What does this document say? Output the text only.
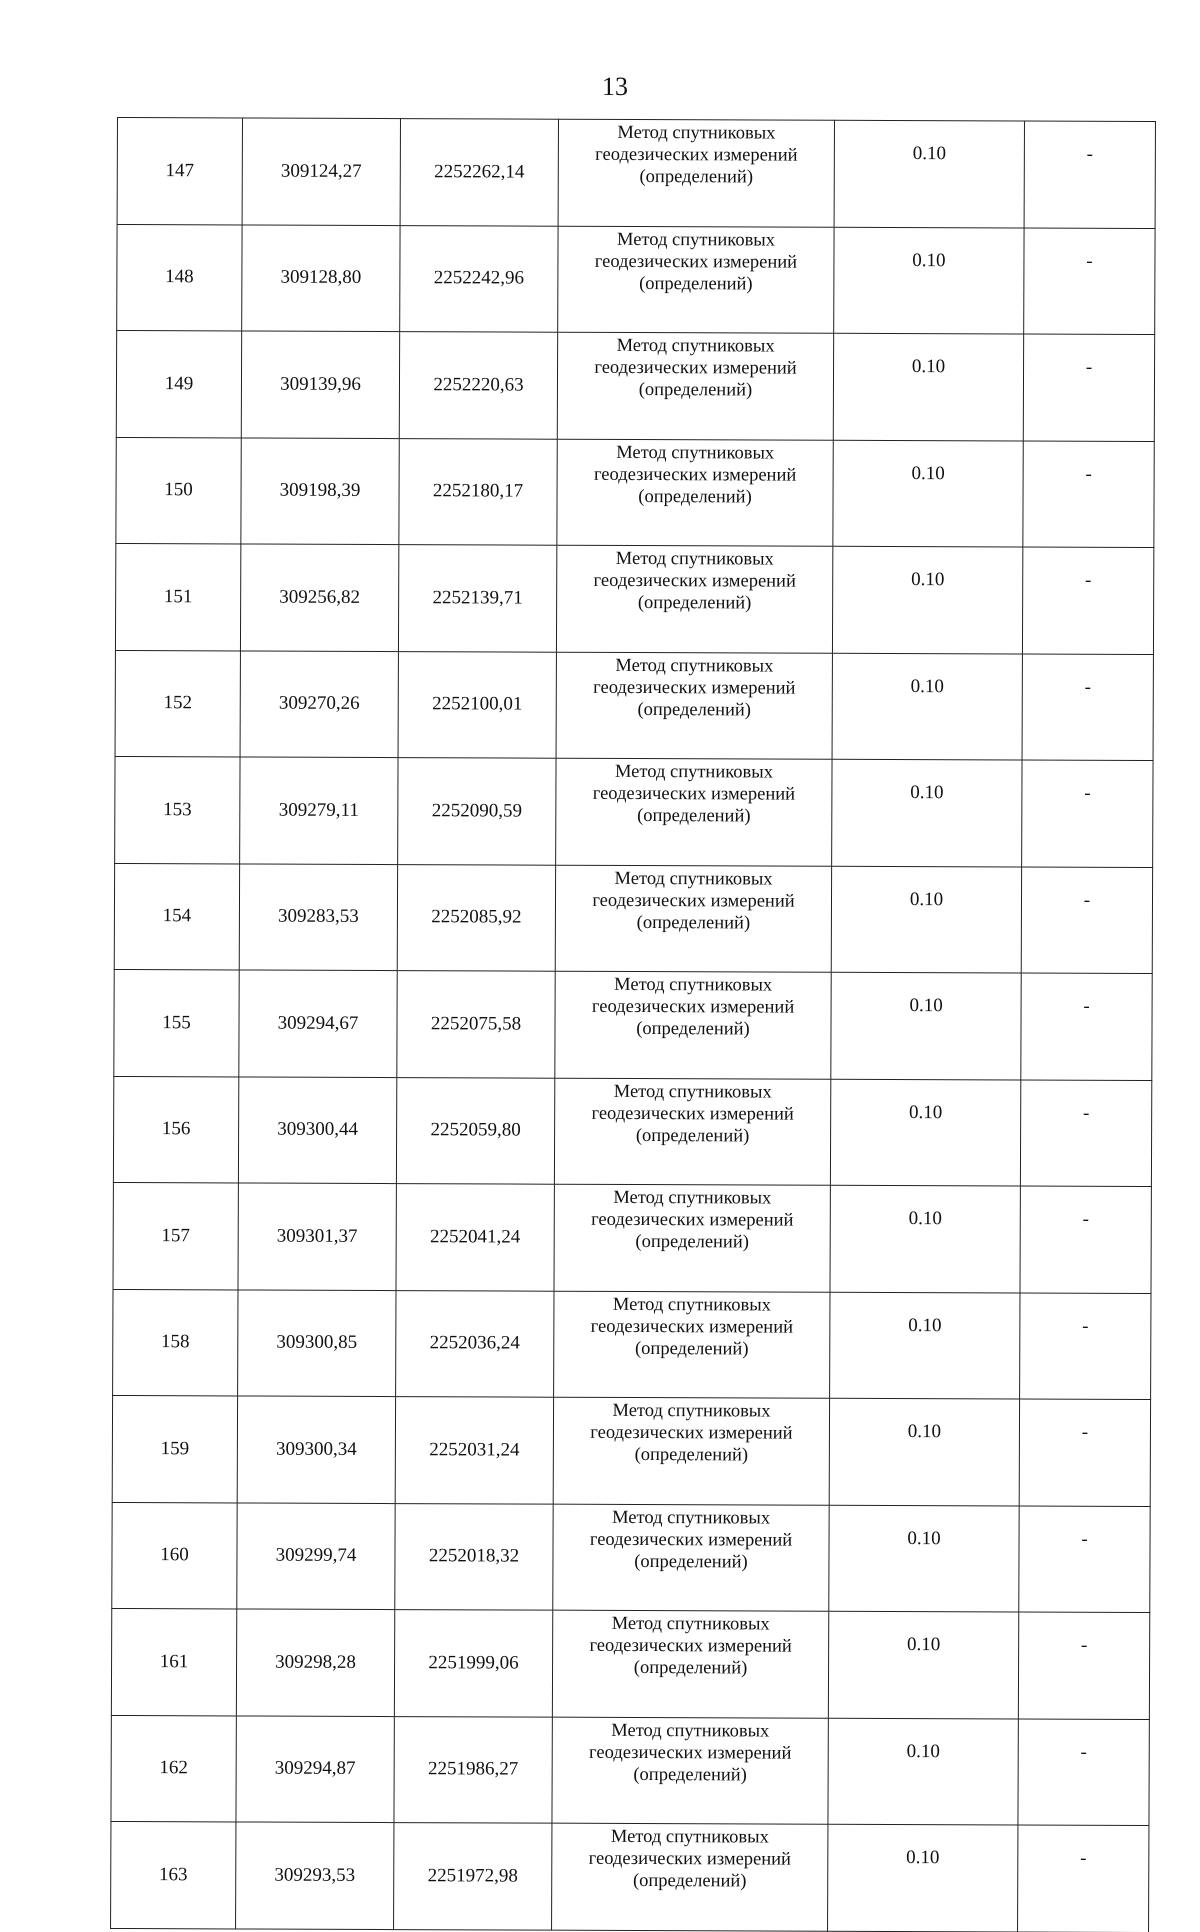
13
147	309124,27	2252262,14	Метод спутниковых
геодезических измерений
(определений)	0.10	-
148	309128,80	2252242,96	Метод спутниковых
геодезических измерений
(определений)	0.10	-
149	309139,96	2252220,63	Метод спутниковых
геодезических измерений
(определений)	0.10	-
150	309198,39	2252180,17	Метод спутниковых
геодезических измерений
(определений)	0.10	-
151	309256,82	2252139,71	Метод спутниковых
геодезических измерений
(определений)	0.10	-
152	309270,26	2252100,01	Метод спутниковых
геодезических измерений
(определений)	0.10	-
153	309279,11	2252090,59	Метод спутниковых
геодезических измерений
(определений)	0.10	-
154	309283,53	2252085,92	Метод спутниковых
геодезических измерений
(определений)	0.10	-
155	309294,67	2252075,58	Метод спутниковых
геодезических измерений
(определений)	0.10	-
156	309300,44	2252059,80	Метод спутниковых
геодезических измерений
(определений)	0.10	-
157	309301,37	2252041,24	Метод спутниковых
геодезических измерений
(определений)	0.10	-
158	309300,85	2252036,24	Метод спутниковых
геодезических измерений
(определений)	0.10	-
159	309300,34	2252031,24	Метод спутниковых
геодезических измерений
(определений)	0.10	-
160	309299,74	2252018,32	Метод спутниковых
геодезических измерений
(определений)	0.10	-
161	309298,28	2251999,06	Метод спутниковых
геодезических измерений
(определений)	0.10	-
162	309294,87	2251986,27	Метод спутниковых
геодезических измерений
(определений)	0.10	-
163	309293,53	2251972,98	Метод спутниковых
геодезических измерений
(определений)	0.10	-
